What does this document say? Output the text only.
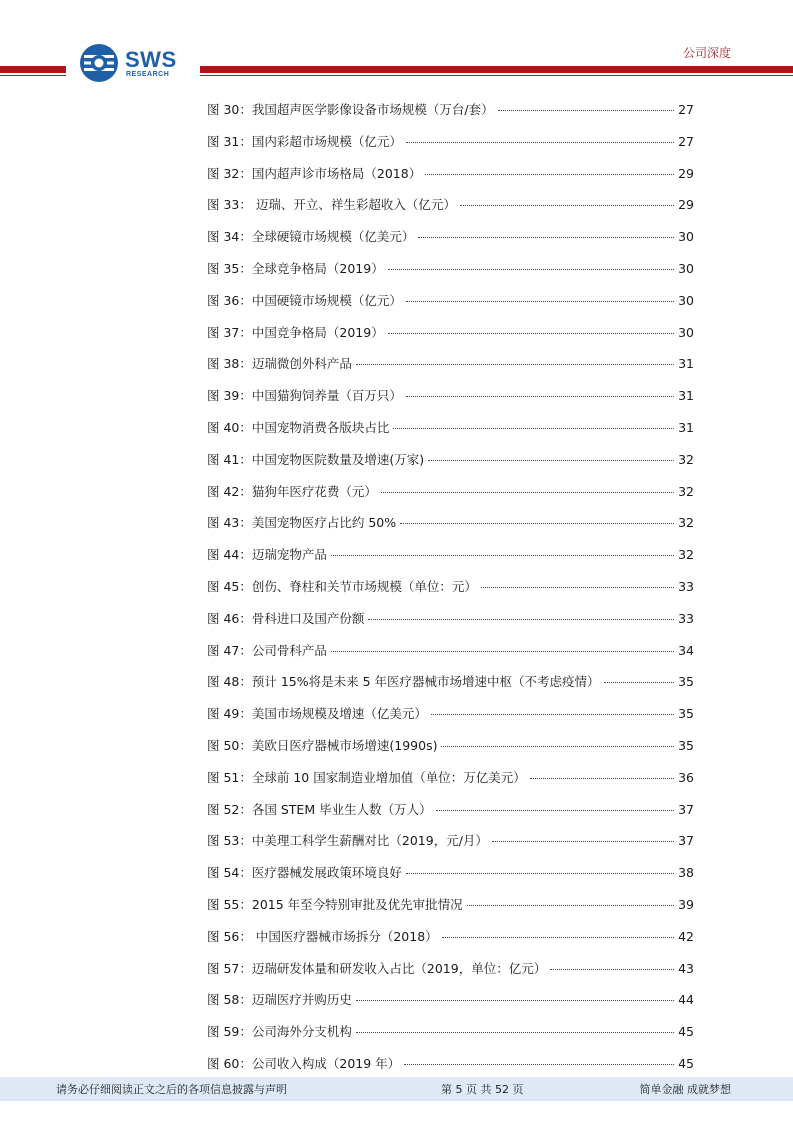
SWS
RESEARCH
公司深度
图 30：我国超声医学影像设备市场规模（万台/套）	27
图 31：国内彩超市场规模（亿元）	27
图 32：国内超声诊市场格局（2018）	29
图 33： 迈瑞、开立、祥生彩超收入（亿元）	29
图 34：全球硬镜市场规模（亿美元）	30
图 35：全球竞争格局（2019）	30
图 36：中国硬镜市场规模（亿元）	30
图 37：中国竞争格局（2019）	30
图 38：迈瑞微创外科产品	31
图 39：中国猫狗饲养量（百万只）	31
图 40：中国宠物消费各版块占比	31
图 41：中国宠物医院数量及增速(万家)	32
图 42：猫狗年医疗花费（元）	32
图 43：美国宠物医疗占比约 50%	32
图 44：迈瑞宠物产品	32
图 45：创伤、脊柱和关节市场规模（单位：元）	33
图 46：骨科进口及国产份额	33
图 47：公司骨科产品	34
图 48：预计 15%将是未来 5 年医疗器械市场增速中枢（不考虑疫情）	35
图 49：美国市场规模及增速（亿美元）	35
图 50：美欧日医疗器械市场增速(1990s)	35
图 51：全球前 10 国家制造业增加值（单位：万亿美元）	36
图 52：各国 STEM 毕业生人数（万人）	37
图 53：中美理工科学生薪酬对比（2019，元/月）	37
图 54：医疗器械发展政策环境良好	38
图 55：2015 年至今特别审批及优先审批情况	39
图 56： 中国医疗器械市场拆分（2018）	42
图 57：迈瑞研发体量和研发收入占比（2019，单位：亿元）	43
图 58：迈瑞医疗并购历史	44
图 59：公司海外分支机构	45
图 60：公司收入构成（2019 年）	45
请务必仔细阅读正文之后的各项信息披露与声明	第 5 页 共 52 页	简单金融 成就梦想
